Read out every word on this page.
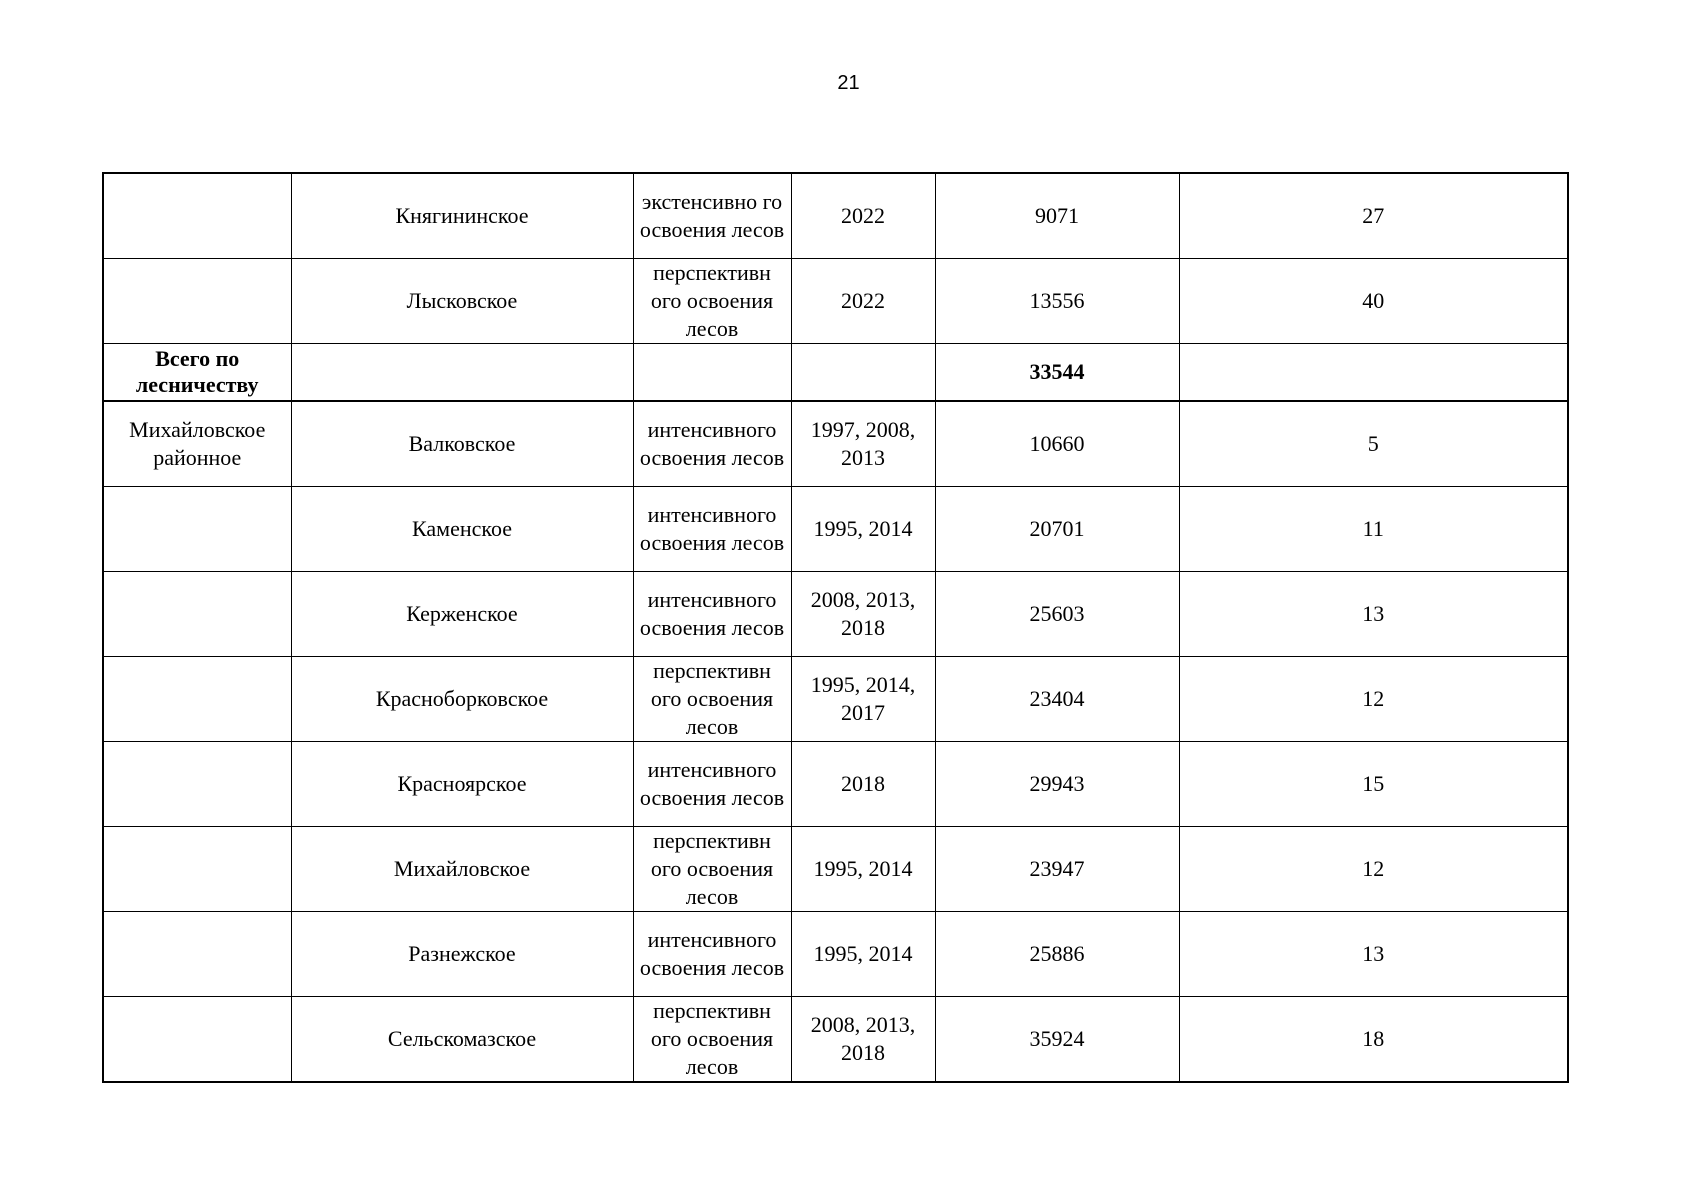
21
	Княгининское	экстенсивно го освоения лесов	2022	9071	27
	Лысковское	перспективн ого освоения лесов	2022	13556	40
Всего по лесничеству				33544	
Михайловское районное	Валковское	интенсивного освоения лесов	1997, 2008, 2013	10660	5
	Каменское	интенсивного освоения лесов	1995, 2014	20701	11
	Керженское	интенсивного освоения лесов	2008, 2013, 2018	25603	13
	Красноборковское	перспективн ого освоения лесов	1995, 2014, 2017	23404	12
	Красноярское	интенсивного освоения лесов	2018	29943	15
	Михайловское	перспективн ого освоения лесов	1995, 2014	23947	12
	Разнежское	интенсивного освоения лесов	1995, 2014	25886	13
	Сельскомазское	перспективн ого освоения лесов	2008, 2013, 2018	35924	18
